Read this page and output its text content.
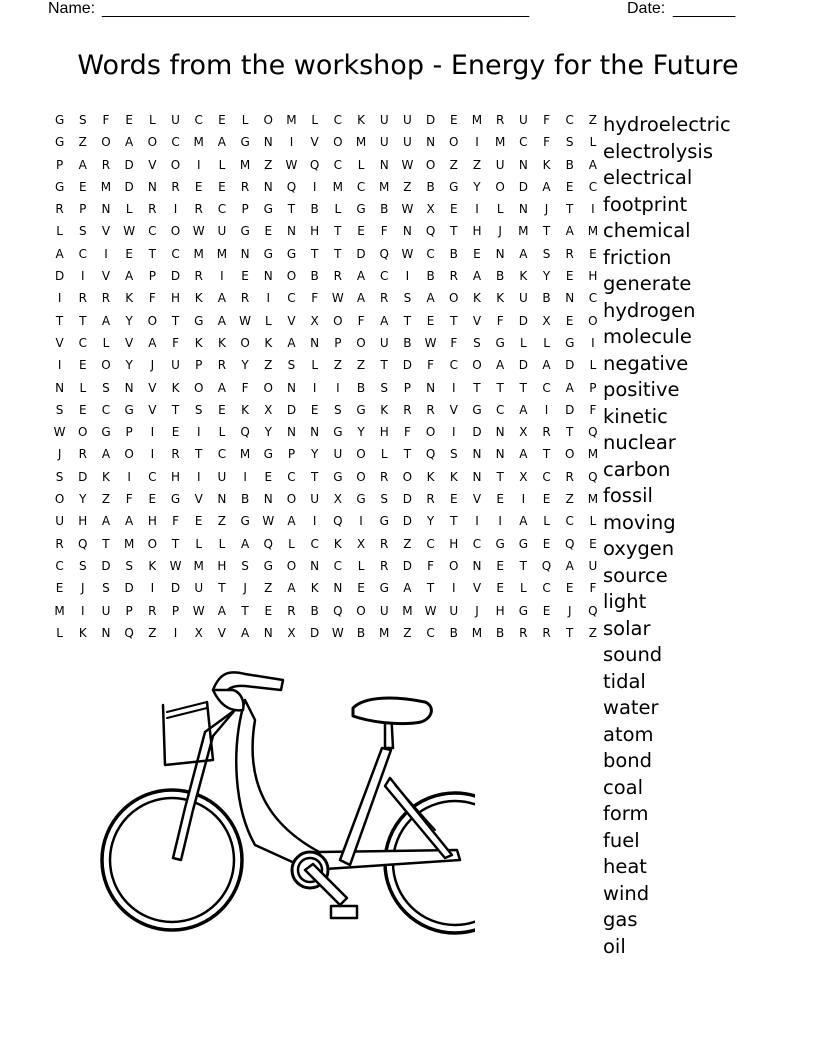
Name: ________________________________________________	Date: _______
Words from the workshop - Energy for the Future
G	S	F	E	L	U	C	E	L	O	M	L	C	K	U	U	D	E	M	R	U	F	C	Z
G	Z	O	A	O	C	M	A	G	N	I	V	O	M	U	U	N	O	I	M	C	F	S	L
P	A	R	D	V	O	I	L	M	Z	W	Q	C	L	N	W	O	Z	Z	U	N	K	B	A
G	E	M	D	N	R	E	E	R	N	Q	I	M	C	M	Z	B	G	Y	O	D	A	E	C
R	P	N	L	R	I	R	C	P	G	T	B	L	G	B	W	X	E	I	L	N	J	T	I
L	S	V	W	C	O	W	U	G	E	N	H	T	E	F	N	Q	T	H	J	M	T	A	M
A	C	I	E	T	C	M	M	N	G	G	T	T	D	Q	W	C	B	E	N	A	S	R	E
D	I	V	A	P	D	R	I	E	N	O	B	R	A	C	I	B	R	A	B	K	Y	E	H
I	R	R	K	F	H	K	A	R	I	C	F	W	A	R	S	A	O	K	K	U	B	N	C
T	T	A	Y	O	T	G	A	W	L	V	X	O	F	A	T	E	T	V	F	D	X	E	O
V	C	L	V	A	F	K	K	O	K	A	N	P	O	U	B	W	F	S	G	L	L	G	I
I	E	O	Y	J	U	P	R	Y	Z	S	L	Z	Z	T	D	F	C	O	A	D	A	D	L
N	L	S	N	V	K	O	A	F	O	N	I	I	B	S	P	N	I	T	T	T	C	A	P
S	E	C	G	V	T	S	E	K	X	D	E	S	G	K	R	R	V	G	C	A	I	D	F
W	O	G	P	I	E	I	L	Q	Y	N	N	G	Y	H	F	O	I	D	N	X	R	T	Q
J	R	A	O	I	R	T	C	M	G	P	Y	U	O	L	T	Q	S	N	N	A	T	O	M
S	D	K	I	C	H	I	U	I	E	C	T	G	O	R	O	K	K	N	T	X	C	R	Q
O	Y	Z	F	E	G	V	N	B	N	O	U	X	G	S	D	R	E	V	E	I	E	Z	M
U	H	A	A	H	F	E	Z	G	W	A	I	Q	I	G	D	Y	T	I	I	A	L	C	L
R	Q	T	M	O	T	L	L	A	Q	L	C	K	X	R	Z	C	H	C	G	G	E	Q	E
C	S	D	S	K	W	M	H	S	G	O	N	C	L	R	D	F	O	N	E	T	Q	A	U
E	J	S	D	I	D	U	T	J	Z	A	K	N	E	G	A	T	I	V	E	L	C	E	F
M	I	U	P	R	P	W	A	T	E	R	B	Q	O	U	M	W	U	J	H	G	E	J	Q
L	K	N	Q	Z	I	X	V	A	N	X	D	W	B	M	Z	C	B	M	B	R	R	T	Z
hydroelectric
electrolysis
electrical
footprint
chemical
friction
generate
hydrogen
molecule
negative
positive
kinetic
nuclear
carbon
fossil
moving
oxygen
source
light
solar
sound
tidal
water
atom
bond
coal
form
fuel
heat
wind
gas
oil
